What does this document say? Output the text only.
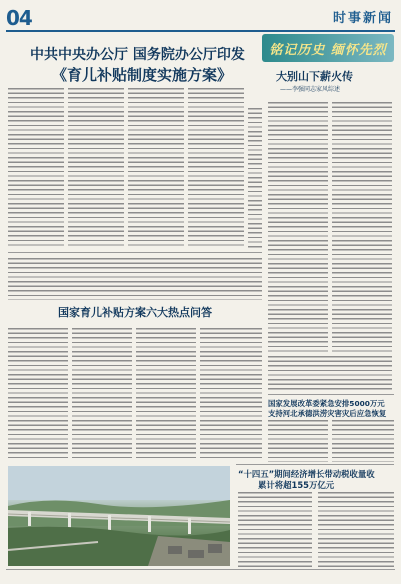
04	时事新闻
中共中央办公厅 国务院办公厅印发
《育儿补贴制度实施方案》
铭记历史 缅怀先烈
大别山下薪火传
——李强同志家风综述
国家育儿补贴方案六大热点问答
国家发展改革委紧急安排5000万元
支持河北承德洪涝灾害灾后应急恢复
“十四五”期间经济增长带动税收量收
累计将超155万亿元
